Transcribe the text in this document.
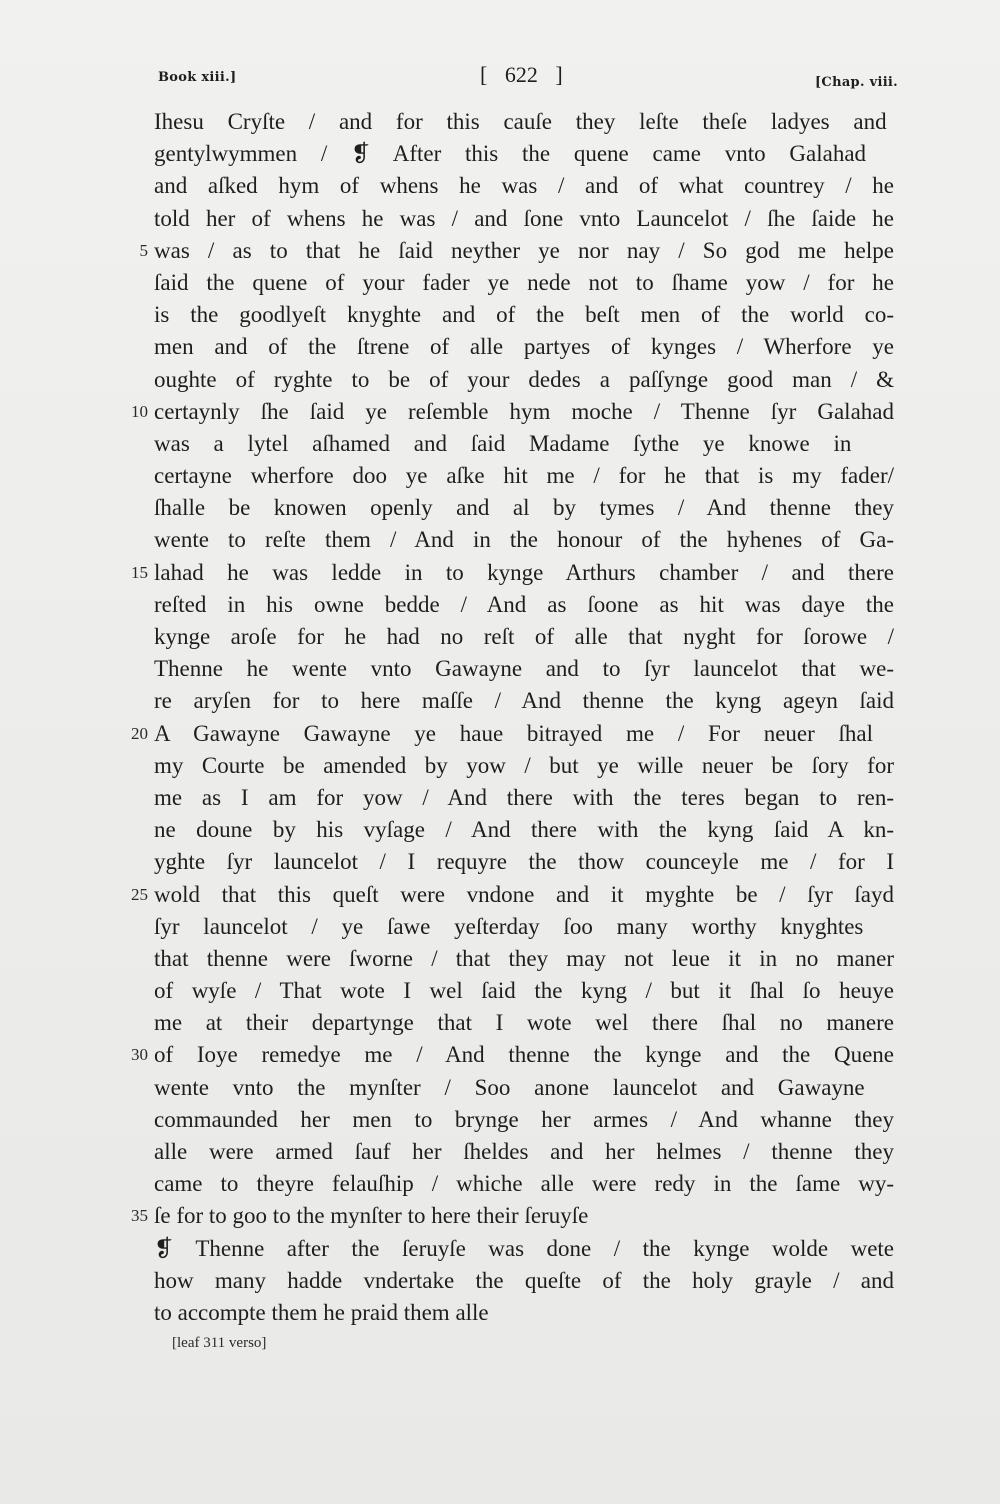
Book xiii.]	[ 622 ]	[Chap. viii.
Ihesu Cryſte / and for this cauſe they leſte theſe ladyes and
gentylwymmen / ❡ After this the quene came vnto Galahad
and aſked hym of whens he was / and of what countrey / he
told her of whens he was / and ſone vnto Launcelot / ſhe ſaide he
5 was / as to that he ſaid neyther ye nor nay / So god me helpe
ſaid the quene of your fader ye nede not to ſhame yow / for he
is the goodlyeſt knyghte and of the beſt men of the world co-
men and of the ſtrene of alle partyes of kynges / Wherfore ye
oughte of ryghte to be of your dedes a paſſynge good man / &
10 certaynly ſhe ſaid ye reſemble hym moche / Thenne ſyr Galahad
was a lytel aſhamed and ſaid Madame ſythe ye knowe in
certayne wherfore doo ye aſke hit me / for he that is my fader/
ſhalle be knowen openly and al by tymes / And thenne they
wente to reſte them / And in the honour of the hyhenes of Ga-
15 lahad he was ledde in to kynge Arthurs chamber / and there
reſted in his owne bedde / And as ſoone as hit was daye the
kynge aroſe for he had no reſt of alle that nyght for ſorowe /
Thenne he wente vnto Gawayne and to ſyr launcelot that we-
re aryſen for to here maſſe / And thenne the kyng ageyn ſaid
20 A Gawayne Gawayne ye haue bitrayed me / For neuer ſhal
my Courte be amended by yow / but ye wille neuer be ſory for
me as I am for yow / And there with the teres began to ren-
ne doune by his vyſage / And there with the kyng ſaid A kn-
yghte ſyr launcelot / I requyre the thow counceyle me / for I
25 wold that this queſt were vndone and it myghte be / ſyr ſayd
ſyr launcelot / ye ſawe yeſterday ſoo many worthy knyghtes
that thenne were ſworne / that they may not leue it in no maner
of wyſe / That wote I wel ſaid the kyng / but it ſhal ſo heuye
me at their departynge that I wote wel there ſhal no manere
30 of Ioye remedye me / And thenne the kynge and the Quene
wente vnto the mynſter / Soo anone launcelot and Gawayne
commaunded her men to brynge her armes / And whanne they
alle were armed ſauf her ſheldes and her helmes / thenne they
came to theyre felauſhip / whiche alle were redy in the ſame wy-
35 ſe for to goo to the mynſter to here their ſeruyſe
❡ Thenne after the ſeruyſe was done / the kynge wolde wete
how many hadde vndertake the queſte of the holy grayle / and
to accompte them he praid them alle
[leaf 311 verso]
